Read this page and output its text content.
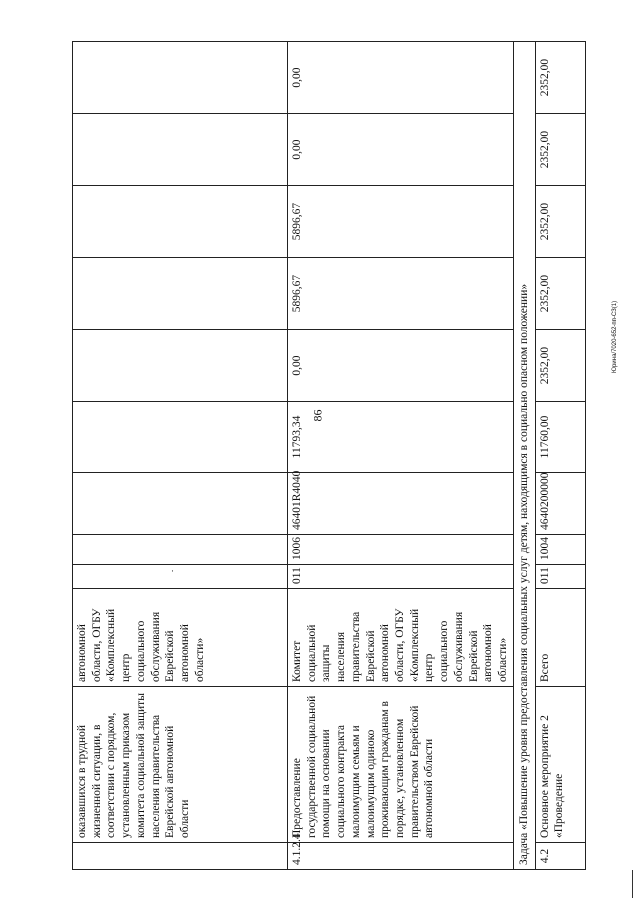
86
Юрина/7020-652-пп-СЗ(1)
·
	оказавшихся в трудной жизненной ситуации, в соответствии с порядком, установленным приказом комитета социальной защиты населения правительства Еврейской автономной области	автономной области, ОГБУ «Комплексный центр социального обслуживания Еврейской автономной области»									
4.1.2.4	Предоставление государственной социальной помощи на основании социального контракта малоимущим семьям и малоимущим одиноко проживающим гражданам в порядке, установленном правительством Еврейской автономной области	Комитет социальной защиты населения правительства Еврейской автономной области, ОГБУ «Комплексный центр социального обслуживания Еврейской автономной области»	011	1006	46401R4040	11793,34	0,00	5896,67	5896,67	0,00	0,00
Задача «Повышение уровня предоставления социальных услуг детям, находящимся в социально опасном положении»											
4.2	Основное мероприятие 2 «Проведение	Всего	011	1004	4640200000	11760,00	2352,00	2352,00	2352,00	2352,00	2352,00
